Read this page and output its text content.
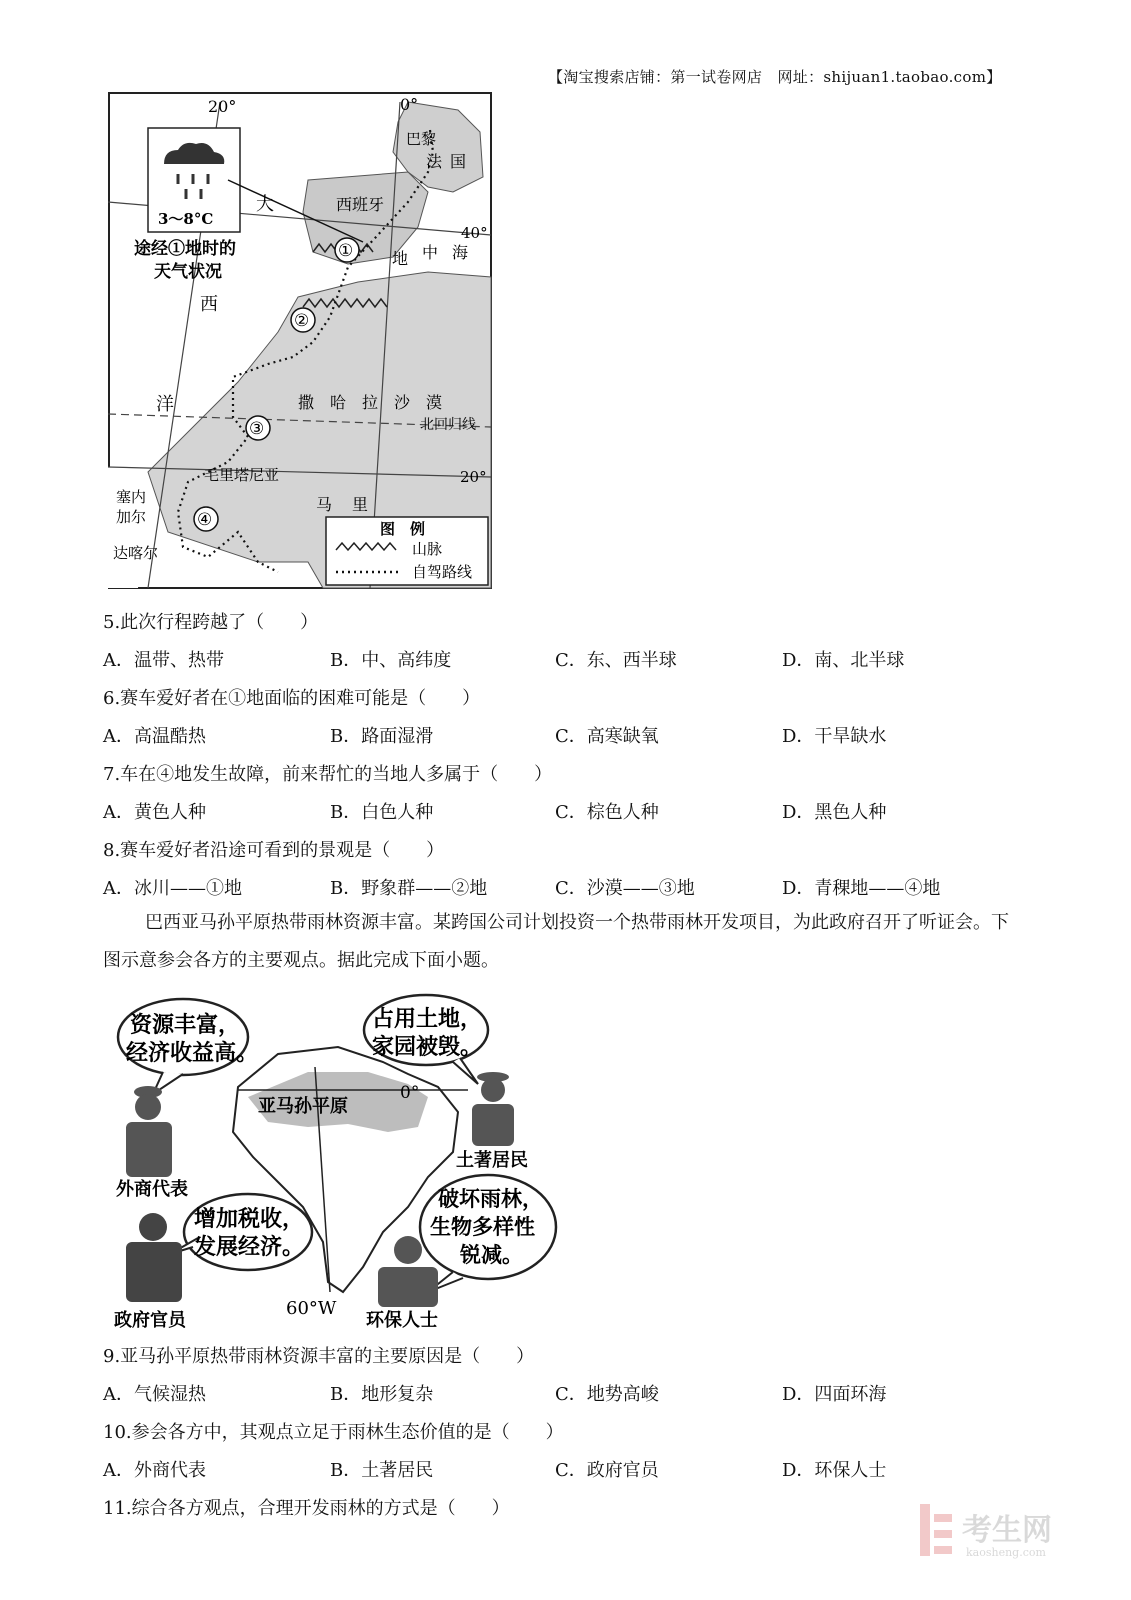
【淘宝搜索店铺：第一试卷网店　网址：shijuan1.taobao.com】
20°	0°
40°
20°
北回归线
3～8°C
途经①地时的
天气状况
大
西
洋
巴黎
法 国
西班牙
地 中 海
撒　哈　拉　沙　漠
毛里塔尼亚
塞内
加尔
达喀尔
马 里
①
②
③
④	图　例
山脉
自驾路线
5.此次行程跨越了（　　）
A．温带、热带	B．中、高纬度	C．东、西半球	D．南、北半球
6.赛车爱好者在①地面临的困难可能是（　　）
A．高温酷热	B．路面湿滑	C．高寒缺氧	D．干旱缺水
7.车在④地发生故障，前来帮忙的当地人多属于（　　）
A．黄色人种	B．白色人种	C．棕色人种	D．黑色人种
8.赛车爱好者沿途可看到的景观是（　　）
A．冰川——①地	B．野象群——②地	C．沙漠——③地	D．青稞地——④地
巴西亚马孙平原热带雨林资源丰富。某跨国公司计划投资一个热带雨林开发项目，为此政府召开了听证会。下图示意参会各方的主要观点。据此完成下面小题。
资源丰富，
经济收益高。
占用土地，
家园被毁。
增加税收，
发展经济。
破坏雨林，
生物多样性
锐减。
亚马孙平原
0°
60°W
外商代表
土著居民
政府官员	环保人士
9.亚马孙平原热带雨林资源丰富的主要原因是（　　）
A．气候湿热	B．地形复杂	C．地势高峻	D．四面环海
10.参会各方中，其观点立足于雨林生态价值的是（　　）
A．外商代表	B．土著居民	C．政府官员	D．环保人士
11.综合各方观点，合理开发雨林的方式是（　　）
考生网
kaosheng.com
